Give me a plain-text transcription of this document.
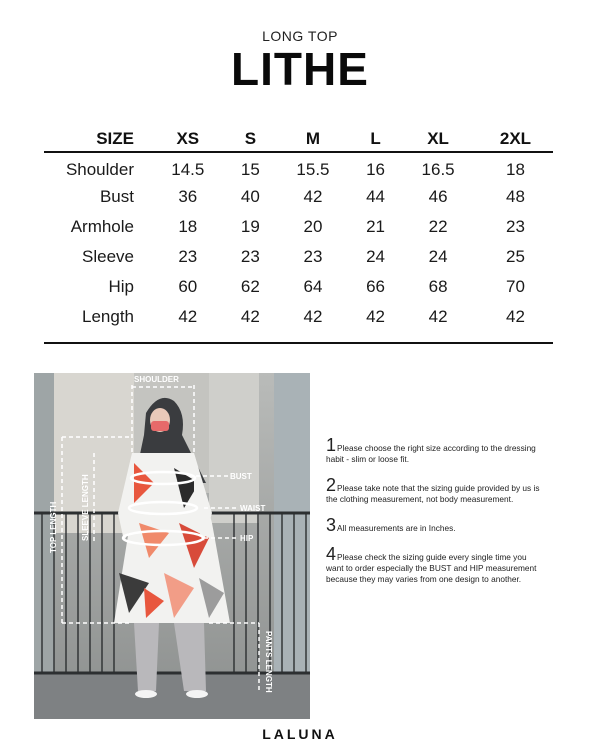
LONG TOP
LITHE
SIZE	XS	S	M	L	XL	2XL
Shoulder	14.5	15	15.5	16	16.5	18
Bust	36	40	42	44	46	48
Armhole	18	19	20	21	22	23
Sleeve	23	23	23	24	24	25
Hip	60	62	64	66	68	70
Length	42	42	42	42	42	42
SHOULDER
BUST
WAIST
HIP
TOP LENGTH	SLEEVE LENGTH
PANTS LENGTH

1Please choose the right size according to the dressing habit - slim or loose fit.

2Please take note that the sizing guide provided by us is the clothing measurement, not body measurement.

3All measurements are in Inches.

4Please check the sizing guide every single time you want to order especially the BUST and HIP measurement because they may varies from one design to another.

LALUNA
